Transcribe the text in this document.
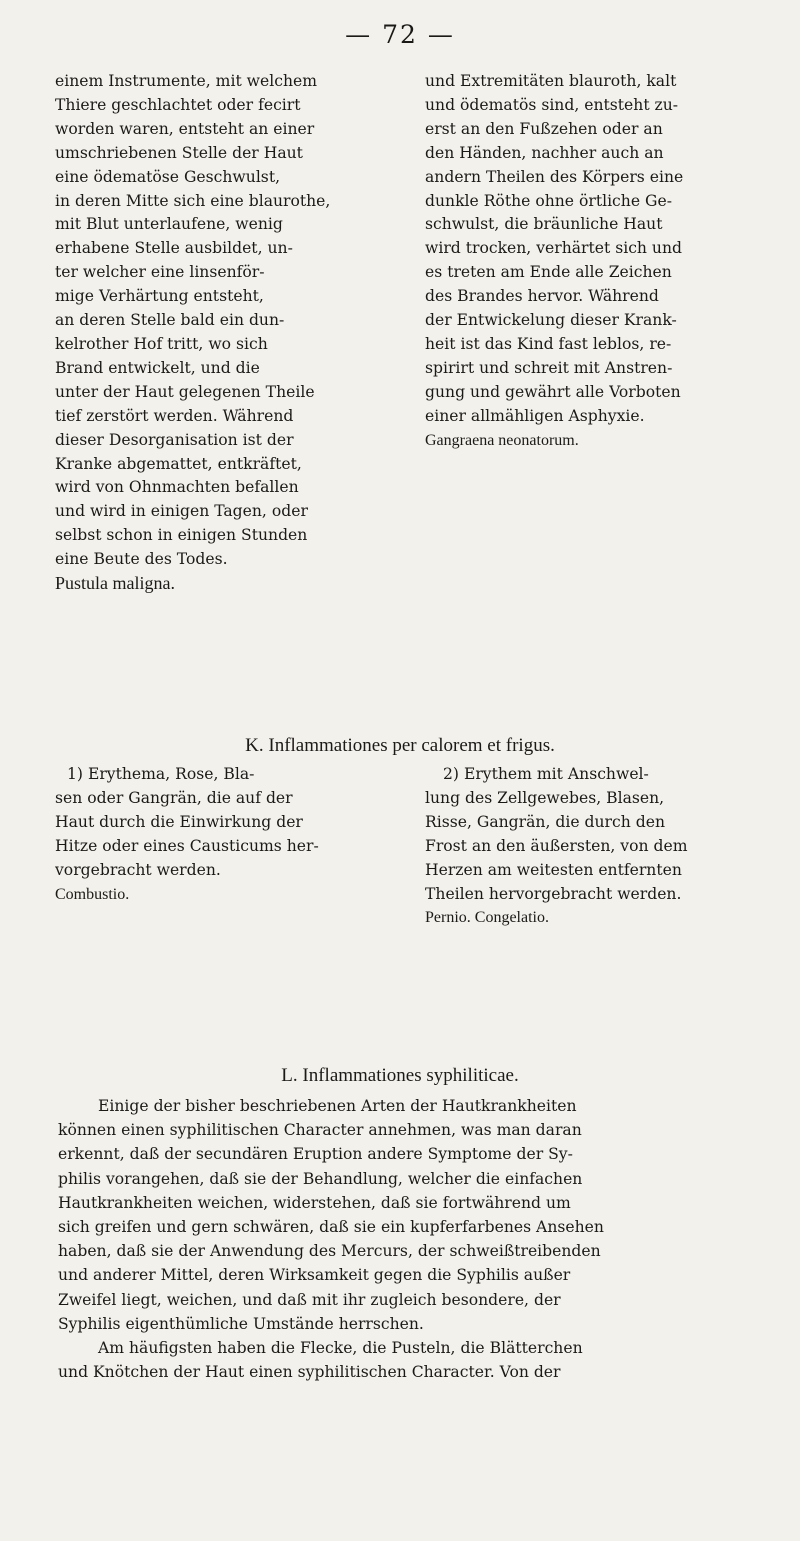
— 72 —
einem Instrumente, mit welchem
Thiere geschlachtet oder fecirt
worden waren, entsteht an einer
umschriebenen Stelle der Haut
eine ödematöse Geschwulst,
in deren Mitte sich eine blaurothe,
mit Blut unterlaufene, wenig
erhabene Stelle ausbildet, un-
ter welcher eine linsenför-
mige Verhärtung entsteht,
an deren Stelle bald ein dun-
kelrother Hof tritt, wo sich
Brand entwickelt, und die
unter der Haut gelegenen Theile
tief zerstört werden. Während
dieser Desorganisation ist der
Kranke abgemattet, entkräftet,
wird von Ohnmachten befallen
und wird in einigen Tagen, oder
selbst schon in einigen Stunden
eine Beute des Todes.
Pustula maligna.
und Extremitäten blauroth, kalt
und ödematös sind, entsteht zu-
erst an den Fußzehen oder an
den Händen, nachher auch an
andern Theilen des Körpers eine
dunkle Röthe ohne örtliche Ge-
schwulst, die bräunliche Haut
wird trocken, verhärtet sich und
es treten am Ende alle Zeichen
des Brandes hervor. Während
der Entwickelung dieser Krank-
heit ist das Kind fast leblos, re-
spirirt und schreit mit Anstren-
gung und gewährt alle Vorboten
einer allmähligen Asphyxie.
Gangraena neonatorum.
K. Inflammationes per calorem et frigus.
1) Erythema, Rose, Bla-
sen oder Gangrän, die auf der
Haut durch die Einwirkung der
Hitze oder eines Causticums her-
vorgebracht werden.
Combustio.
2) Erythem mit Anschwel-
lung des Zellgewebes, Blasen,
Risse, Gangrän, die durch den
Frost an den äußersten, von dem
Herzen am weitesten entfernten
Theilen hervorgebracht werden.
Pernio. Congelatio.
L. Inflammationes syphiliticae.
Einige der bisher beschriebenen Arten der Hautkrankheiten
können einen syphilitischen Character annehmen, was man daran
erkennt, daß der secundären Eruption andere Symptome der Sy-
philis vorangehen, daß sie der Behandlung, welcher die einfachen
Hautkrankheiten weichen, widerstehen, daß sie fortwährend um
sich greifen und gern schwären, daß sie ein kupferfarbenes Ansehen
haben, daß sie der Anwendung des Mercurs, der schweißtreibenden
und anderer Mittel, deren Wirksamkeit gegen die Syphilis außer
Zweifel liegt, weichen, und daß mit ihr zugleich besondere, der
Syphilis eigenthümliche Umstände herrschen.
Am häufigsten haben die Flecke, die Pusteln, die Blätterchen
und Knötchen der Haut einen syphilitischen Character. Von der
